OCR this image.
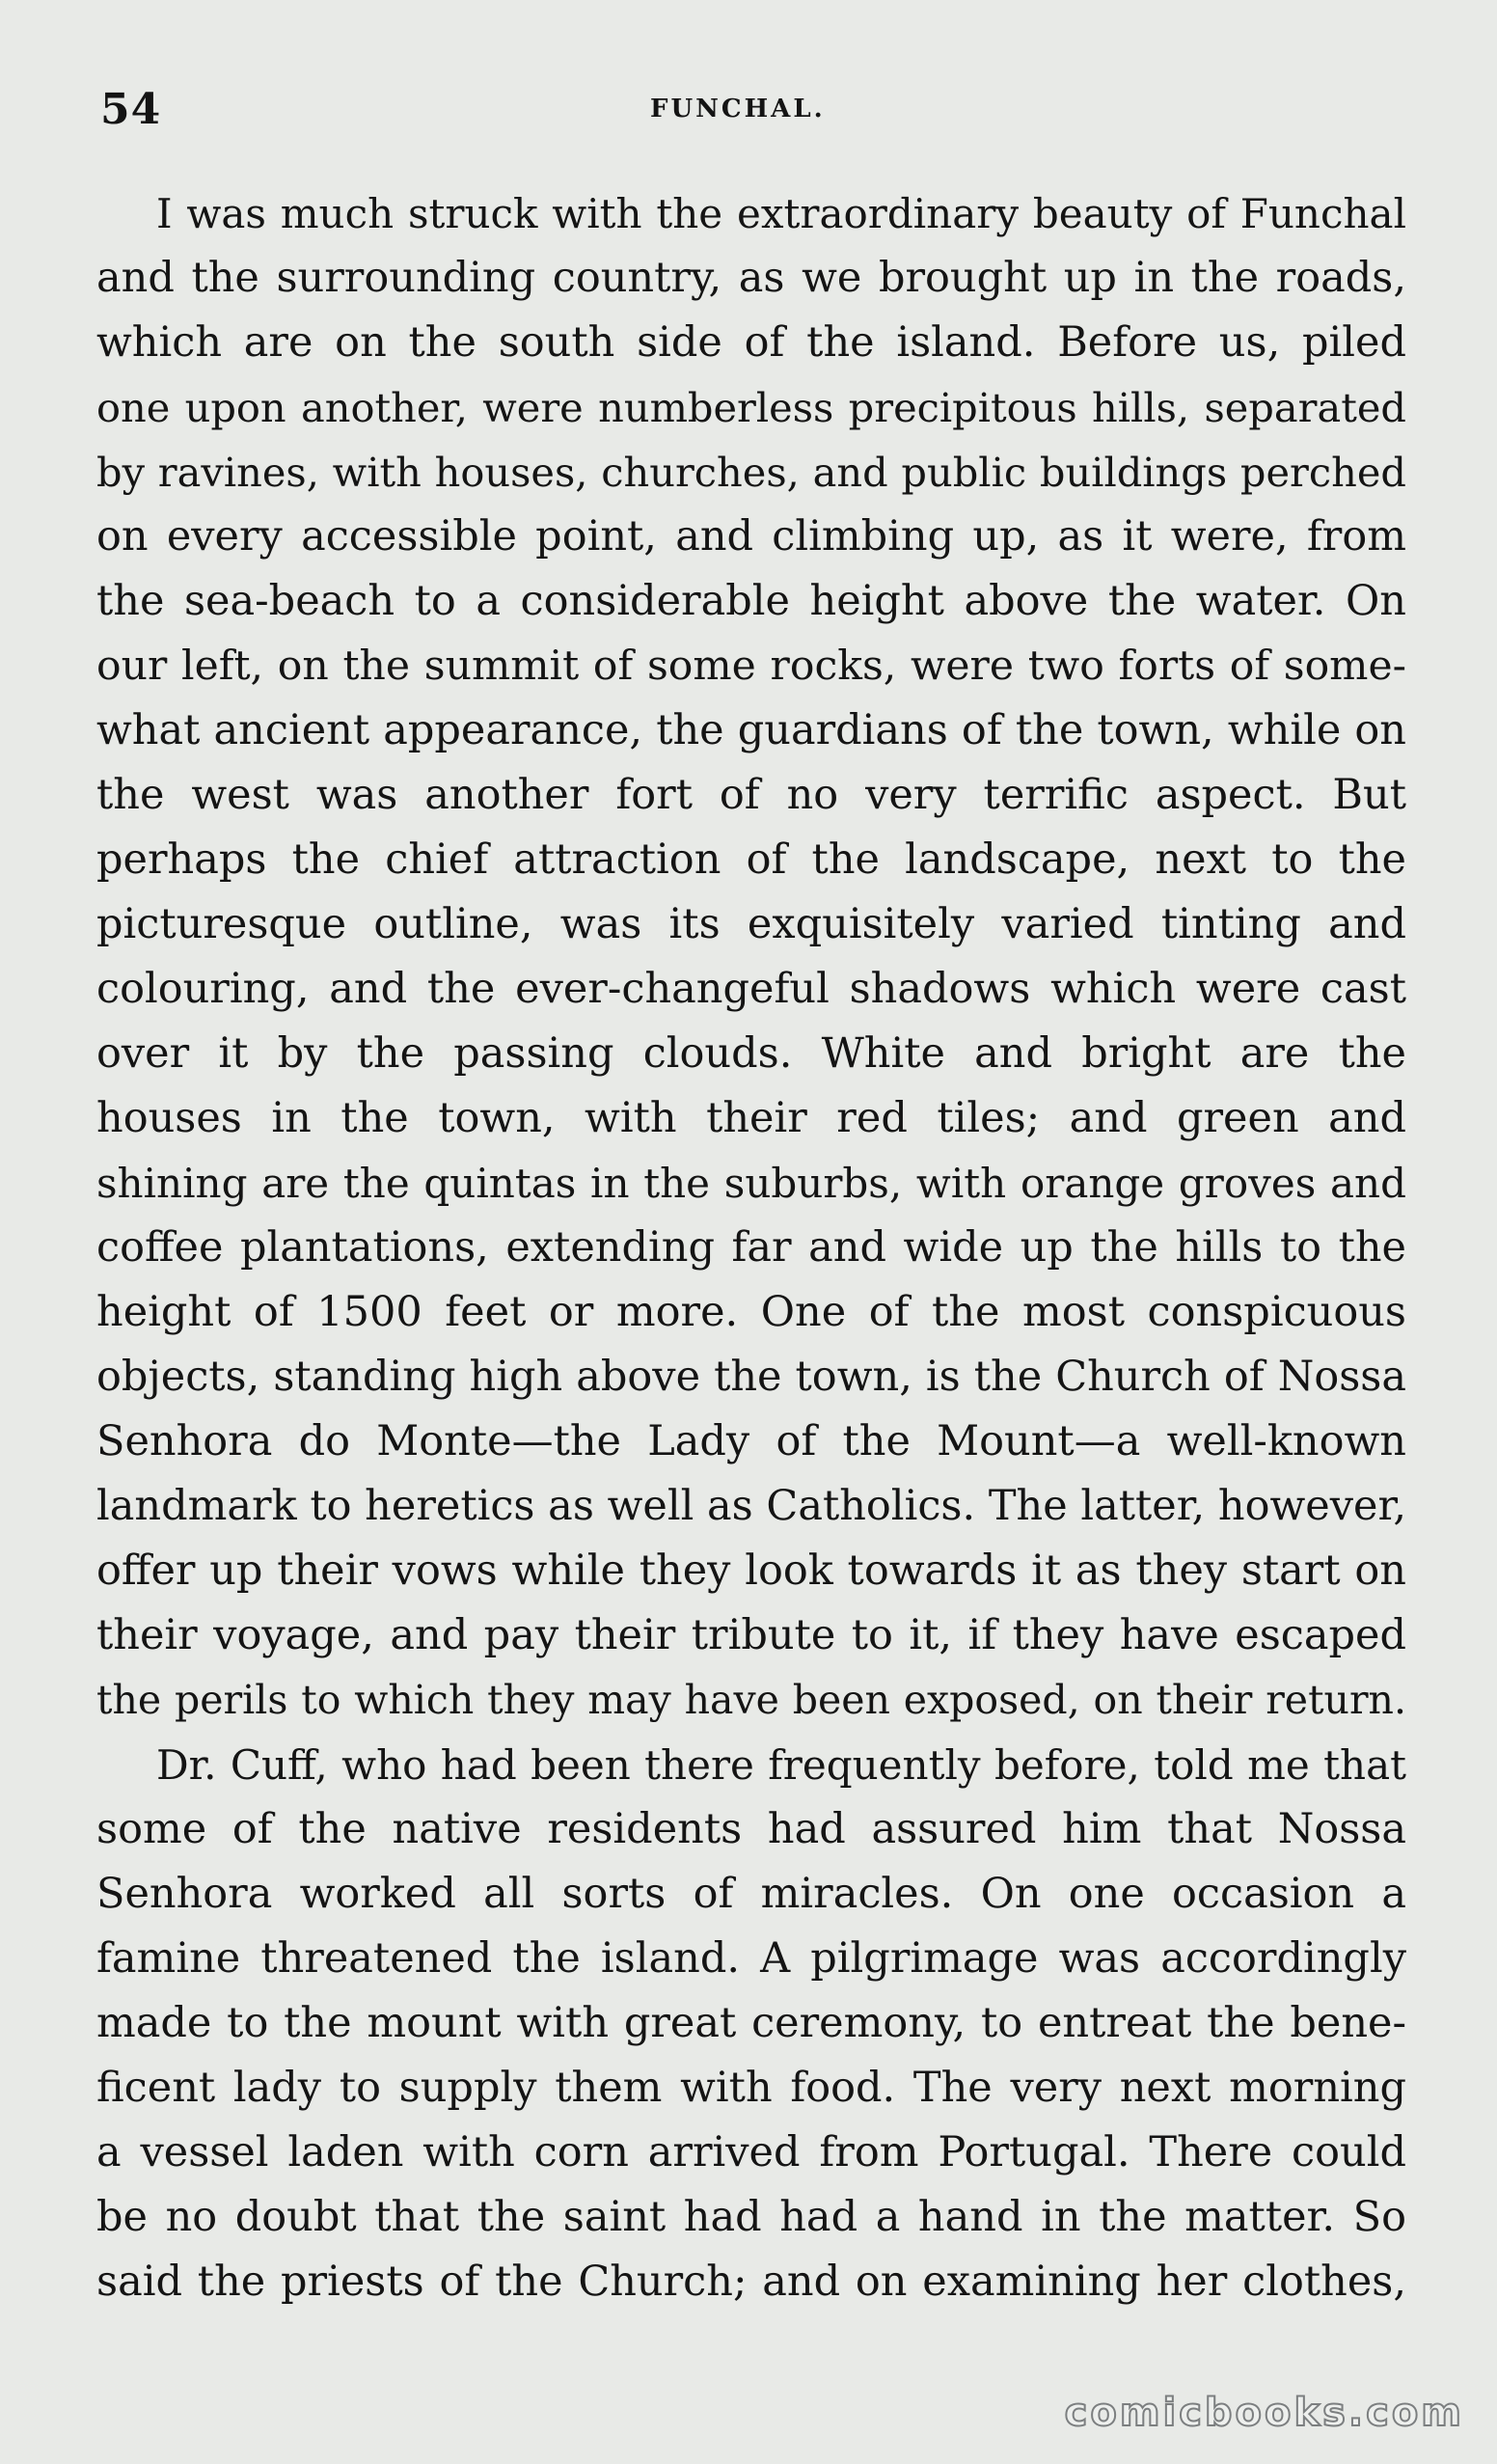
54	FUNCHAL.
I was much struck with the extraordinary beauty of Funchal
and the surrounding country, as we brought up in the roads,
which are on the south side of the island. Before us, piled
one upon another, were numberless precipitous hills, separated
by ravines, with houses, churches, and public buildings perched
on every accessible point, and climbing up, as it were, from
the sea-beach to a considerable height above the water. On
our left, on the summit of some rocks, were two forts of some-
what ancient appearance, the guardians of the town, while on
the west was another fort of no very terrific aspect. But
perhaps the chief attraction of the landscape, next to the
picturesque outline, was its exquisitely varied tinting and
colouring, and the ever-changeful shadows which were cast
over it by the passing clouds. White and bright are the
houses in the town, with their red tiles; and green and
shining are the quintas in the suburbs, with orange groves and
coffee plantations, extending far and wide up the hills to the
height of 1500 feet or more. One of the most conspicuous
objects, standing high above the town, is the Church of Nossa
Senhora do Monte—the Lady of the Mount—a well-known
landmark to heretics as well as Catholics. The latter, however,
offer up their vows while they look towards it as they start on
their voyage, and pay their tribute to it, if they have escaped
the perils to which they may have been exposed, on their return.
Dr. Cuff, who had been there frequently before, told me that
some of the native residents had assured him that Nossa
Senhora worked all sorts of miracles. On one occasion a
famine threatened the island. A pilgrimage was accordingly
made to the mount with great ceremony, to entreat the bene-
ficent lady to supply them with food. The very next morning
a vessel laden with corn arrived from Portugal. There could
be no doubt that the saint had had a hand in the matter. So
said the priests of the Church; and on examining her clothes,
comicbooks.com
